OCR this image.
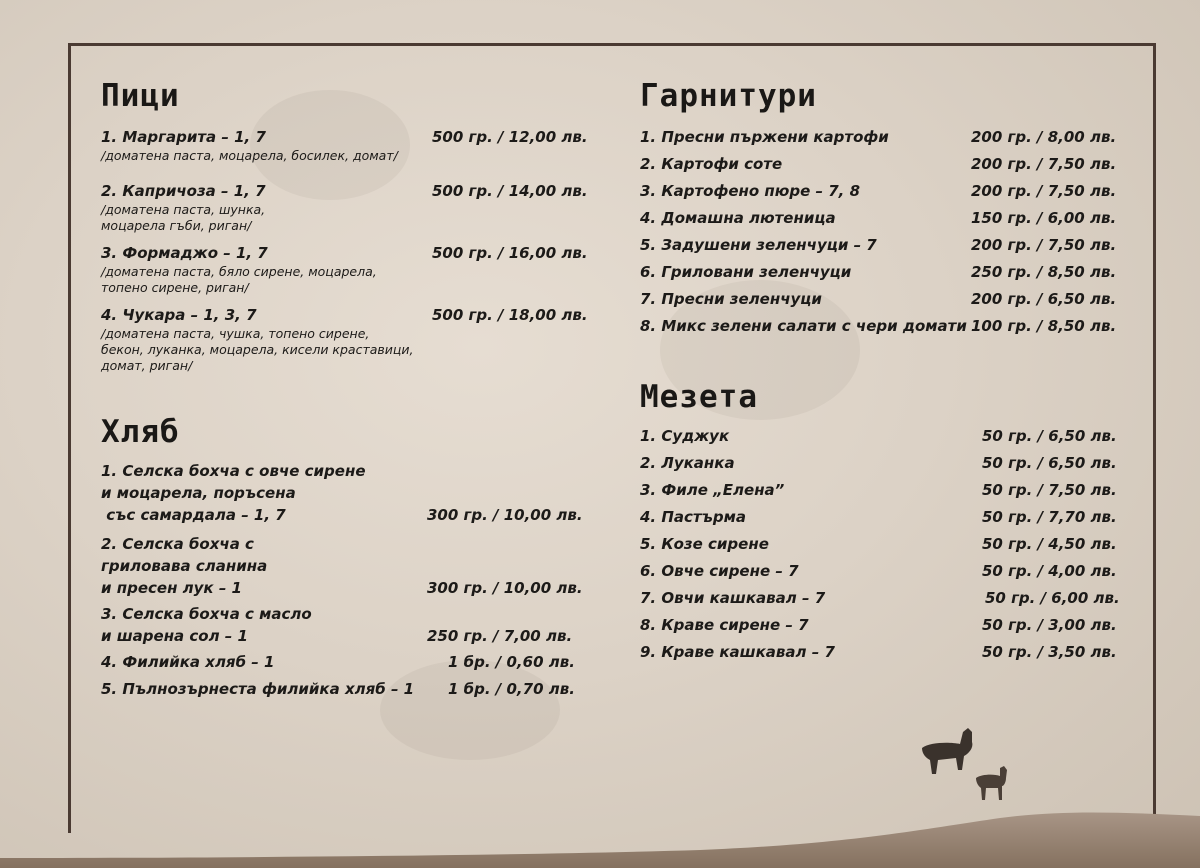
Пици
1. Маргарита – 1, 7	500 гр. / 12,00 лв.
/доматена паста, моцарела, босилек, домат/
2. Капричоза – 1, 7	500 гр. / 14,00 лв.
/доматена паста, шунка,
моцарела гъби, риган/
3. Формаджо – 1, 7	500 гр. / 16,00 лв.
/доматена паста, бяло сирене, моцарела,
топено сирене, риган/
4. Чукара – 1, 3, 7	500 гр. / 18,00 лв.
/доматена паста, чушка, топено сирене,
бекон, луканка, моцарела, кисели краставици,
домат, риган/
Хляб
1. Селска бохча с овче сирене
и моцарела, поръсена
със самардала – 1, 7	300 гр. / 10,00 лв.
2. Селска бохча с
гриловава сланина
и пресен лук – 1	300 гр. / 10,00 лв.
3. Селска бохча с масло
и шарена сол – 1	250 гр. / 7,00 лв.
4. Филийка хляб – 1	1 бр. / 0,60 лв.
5. Пълнозърнеста филийка хляб – 1	1 бр. / 0,70 лв.
Гарнитури
1. Пресни пържени картофи	200 гр. / 8,00 лв.
2. Картофи соте	200 гр. / 7,50 лв.
3. Картофено пюре – 7, 8	200 гр. / 7,50 лв.
4. Домашна лютеница	150 гр. / 6,00 лв.
5. Задушени зеленчуци – 7	200 гр. / 7,50 лв.
6. Гриловани зеленчуци	250 гр. / 8,50 лв.
7. Пресни зеленчуци	200 гр. / 6,50 лв.
8. Микс зелени салати с чери домати 100 гр. / 8,50 лв.
Мезета
1. Суджук	50 гр. / 6,50 лв.
2. Луканка	50 гр. / 6,50 лв.
3. Филе „Елена”	50 гр. / 7,50 лв.
4. Пастърма	50 гр. / 7,70 лв.
5. Козе сирене	50 гр. / 4,50 лв.
6. Овче сирене – 7	50 гр. / 4,00 лв.
7. Овчи кашкавал – 7	50 гр. / 6,00 лв.
8. Краве сирене – 7	50 гр. / 3,00 лв.
9. Краве кашкавал – 7	50 гр. / 3,50 лв.
